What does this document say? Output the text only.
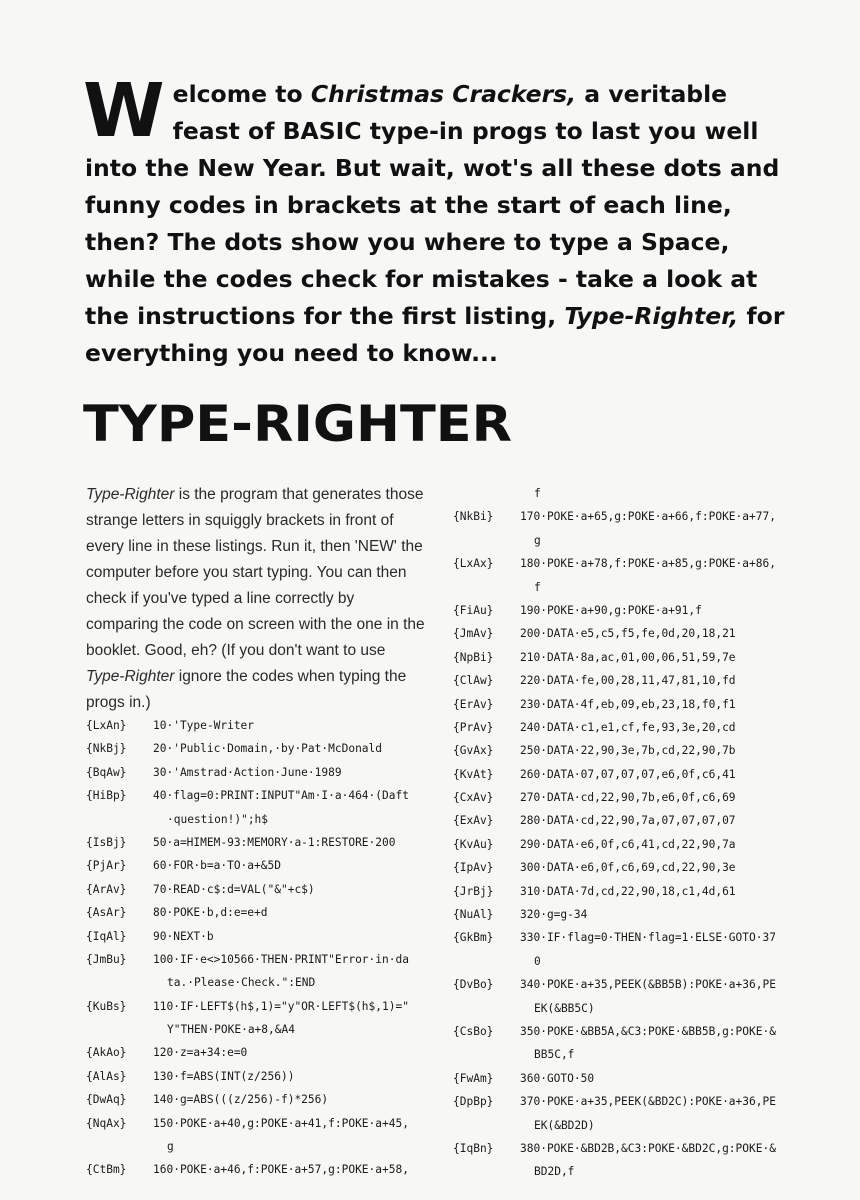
Welcome to Christmas Crackers, a veritable feast of BASIC type-in progs to last you well into the New Year. But wait, wot's all these dots and funny codes in brackets at the start of each line, then? The dots show you where to type a Space, while the codes check for mistakes - take a look at the instructions for the first listing, Type-Righter, for everything you need to know...

TYPE-RIGHTER

Type-Righter is the program that generates those strange letters in squiggly brackets in front of every line in these listings. Run it, then 'NEW' the computer before you start typing. You can then check if you've typed a line correctly by comparing the code on screen with the one in the booklet. Good, eh? (If you don't want to use Type-Righter ignore the codes when typing the progs in.)

{LxAn}	10·'Type-Writer
{NkBj}	20·'Public·Domain,·by·Pat·McDonald
{BqAw}	30·'Amstrad·Action·June·1989
{HiBp}	40·flag=0:PRINT:INPUT"Am·I·a·464·(Daft
·question!)";h$
{IsBj}	50·a=HIMEM-93:MEMORY·a-1:RESTORE·200
{PjAr}	60·FOR·b=a·TO·a+&5D
{ArAv}	70·READ·c$:d=VAL("&"+c$)
{AsAr}	80·POKE·b,d:e=e+d
{IqAl}	90·NEXT·b
{JmBu}	100·IF·e<>10566·THEN·PRINT"Error·in·da
ta.·Please·Check.":END
{KuBs}	110·IF·LEFT$(h$,1)="y"OR·LEFT$(h$,1)="
Y"THEN·POKE·a+8,&A4
{AkAo}	120·z=a+34:e=0
{AlAs}	130·f=ABS(INT(z/256))
{DwAq}	140·g=ABS(((z/256)-f)*256)
{NqAx}	150·POKE·a+40,g:POKE·a+41,f:POKE·a+45,
g
{CtBm}	160·POKE·a+46,f:POKE·a+57,g:POKE·a+58,
f
{NkBi}	170·POKE·a+65,g:POKE·a+66,f:POKE·a+77,
g
{LxAx}	180·POKE·a+78,f:POKE·a+85,g:POKE·a+86,
f
{FiAu}	190·POKE·a+90,g:POKE·a+91,f
{JmAv}	200·DATA·e5,c5,f5,fe,0d,20,18,21
{NpBi}	210·DATA·8a,ac,01,00,06,51,59,7e
{ClAw}	220·DATA·fe,00,28,11,47,81,10,fd
{ErAv}	230·DATA·4f,eb,09,eb,23,18,f0,f1
{PrAv}	240·DATA·c1,e1,cf,fe,93,3e,20,cd
{GvAx}	250·DATA·22,90,3e,7b,cd,22,90,7b
{KvAt}	260·DATA·07,07,07,07,e6,0f,c6,41
{CxAv}	270·DATA·cd,22,90,7b,e6,0f,c6,69
{ExAv}	280·DATA·cd,22,90,7a,07,07,07,07
{KvAu}	290·DATA·e6,0f,c6,41,cd,22,90,7a
{IpAv}	300·DATA·e6,0f,c6,69,cd,22,90,3e
{JrBj}	310·DATA·7d,cd,22,90,18,c1,4d,61
{NuAl}	320·g=g-34
{GkBm}	330·IF·flag=0·THEN·flag=1·ELSE·GOTO·37
0
{DvBo}	340·POKE·a+35,PEEK(&BB5B):POKE·a+36,PE
EK(&BB5C)
{CsBo}	350·POKE·&BB5A,&C3:POKE·&BB5B,g:POKE·&
BB5C,f
{FwAm}	360·GOTO·50
{DpBp}	370·POKE·a+35,PEEK(&BD2C):POKE·a+36,PE
EK(&BD2D)
{IqBn}	380·POKE·&BD2B,&C3:POKE·&BD2C,g:POKE·&
BD2D,f
